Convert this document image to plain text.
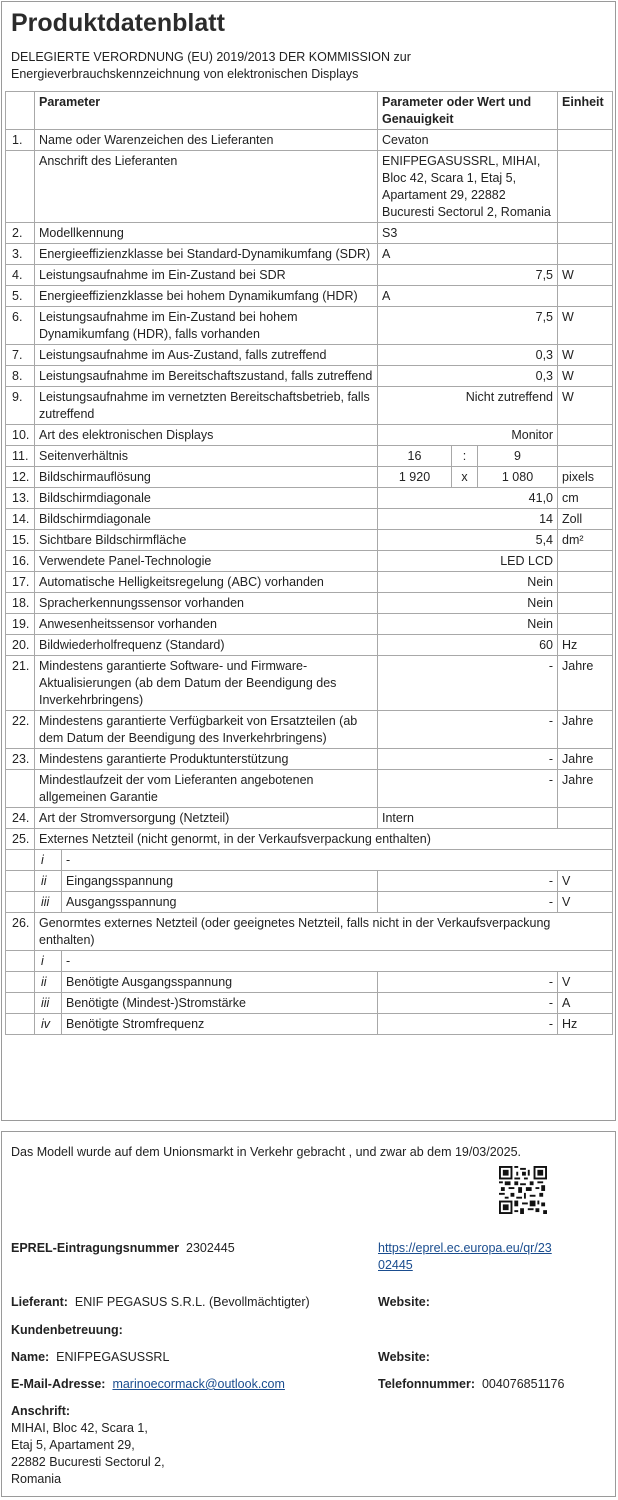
Produktdatenblatt
DELEGIERTE VERORDNUNG (EU) 2019/2013 DER KOMMISSION zur Energieverbrauchskennzeichnung von elektronischen Displays
	Parameter		Parameter oder Wert und Genauigkeit			Einheit
1.	Name oder Warenzeichen des Lieferanten		Cevaton			
	Anschrift des Lieferanten		ENIFPEGASUSSRL, MIHAI, Bloc 42, Scara 1, Etaj 5, Apartament 29, 22882 Bucuresti Sectorul 2, Romania			
2.	Modellkennung		S3			
3.	Energieeffizienzklasse bei Standard-Dynamikumfang (SDR)		A			
4.	Leistungsaufnahme im Ein-Zustand bei SDR		7,5			W
5.	Energieeffizienzklasse bei hohem Dynamikumfang (HDR)		A			
6.	Leistungsaufnahme im Ein-Zustand bei hohem Dynamikumfang (HDR), falls vorhanden		7,5			W
7.	Leistungsaufnahme im Aus-Zustand, falls zutreffend		0,3			W
8.	Leistungsaufnahme im Bereitschaftszustand, falls zutreffend		0,3			W
9.	Leistungsaufnahme im vernetzten Bereitschaftsbetrieb, falls zutreffend		Nicht zutreffend			W
10.	Art des elektronischen Displays		Monitor			
11.	Seitenverhältnis		16	:	9	
12.	Bildschirmauflösung		1 920	x	1 080	pixels
13.	Bildschirmdiagonale		41,0			cm
14.	Bildschirmdiagonale		14			Zoll
15.	Sichtbare Bildschirmfläche		5,4			dm²
16.	Verwendete Panel-Technologie		LED LCD			
17.	Automatische Helligkeitsregelung (ABC) vorhanden		Nein			
18.	Spracherkennungssensor vorhanden		Nein			
19.	Anwesenheitssensor vorhanden		Nein			
20.	Bildwiederholfrequenz (Standard)		60			Hz
21.	Mindestens garantierte Software- und Firmware-Aktualisierungen (ab dem Datum der Beendigung des Inverkehrbringens)		-			Jahre
22.	Mindestens garantierte Verfügbarkeit von Ersatzteilen (ab dem Datum der Beendigung des Inverkehrbringens)		-			Jahre
23.	Mindestens garantierte Produktunterstützung		-			Jahre
	Mindestlaufzeit der vom Lieferanten angebotenen allgemeinen Garantie		-			Jahre
24.	Art der Stromversorgung (Netzteil)		Intern			
25.	Externes Netzteil (nicht genormt, in der Verkaufsverpackung enthalten)					
	i	-				
	ii	Eingangsspannung	-			V
	iii	Ausgangsspannung	-			V
26.	Genormtes externes Netzteil (oder geeignetes Netzteil, falls nicht in der Verkaufsverpackung enthalten)					
	i	-				
	ii	Benötigte Ausgangsspannung	-			V
	iii	Benötigte (Mindest-)Stromstärke	-			A
	iv	Benötigte Stromfrequenz	-			Hz
Das Modell wurde auf dem Unionsmarkt in Verkehr gebracht , und zwar ab dem 19/03/2025.
EPREL-Eintragungsnummer 2302445	https://eprel.ec.europa.eu/qr/23
02445
Lieferant: ENIF PEGASUS S.R.L. (Bevollmächtigter)	Website:
Kundenbetreuung:
Name: ENIFPEGASUSSRL	Website:
E-Mail-Adresse: marinoecormack@outlook.com	Telefonnummer: 004076851176
Anschrift:
MIHAI, Bloc 42, Scara 1,
Etaj 5, Apartament 29,
22882 Bucuresti Sectorul 2,
Romania
